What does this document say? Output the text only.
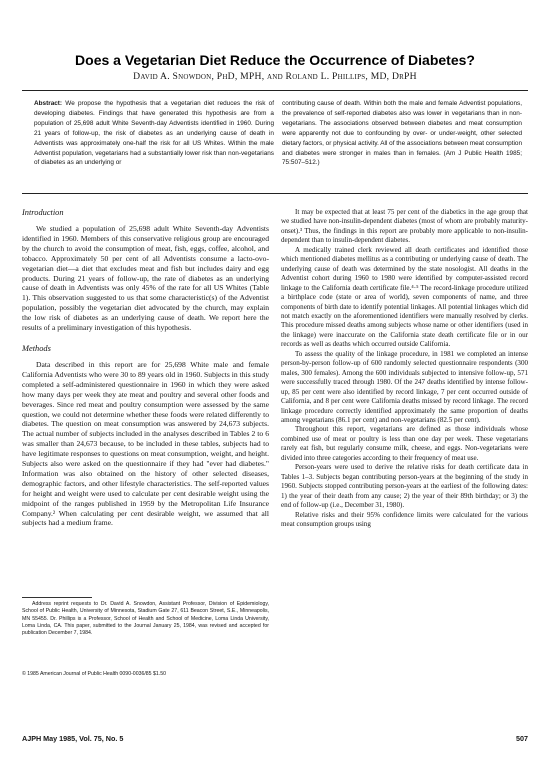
Does a Vegetarian Diet Reduce the Occurrence of Diabetes?
David A. Snowdon, PhD, MPH, and Roland L. Phillips, MD, DrPH
Abstract: We propose the hypothesis that a vegetarian diet reduces the risk of developing diabetes. Findings that have generated this hypothesis are from a population of 25,698 adult White Seventh-day Adventists identified in 1960. During 21 years of follow-up, the risk of diabetes as an underlying cause of death in Adventists was approximately one-half the risk for all US Whites. Within the male Adventist population, vegetarians had a substantially lower risk than non-vegetarians of diabetes as an underlying or
contributing cause of death. Within both the male and female Adventist populations, the prevalence of self-reported diabetes also was lower in vegetarians than in non-vegetarians. The associations observed between diabetes and meat consumption were apparently not due to confounding by over- or under-weight, other selected dietary factors, or physical activity. All of the associations between meat consumption and diabetes were stronger in males than in females. (Am J Public Health 1985; 75:507–512.)
Introduction

We studied a population of 25,698 adult White Seventh-day Adventists identified in 1960. Members of this conservative religious group are encouraged by the church to avoid the consumption of meat, fish, eggs, coffee, alcohol, and tobacco. Approximately 50 per cent of all Adventists consume a lacto-ovo-vegetarian diet—a diet that excludes meat and fish but includes dairy and egg products. During 21 years of follow-up, the rate of diabetes as an underlying cause of death in Adventists was only 45% of the rate for all US Whites (Table 1). This observation suggested to us that some characteristic(s) of the Adventist population, possibly the vegetarian diet advocated by the church, may explain the low risk of diabetes as an underlying cause of death. We report here the results of a preliminary investigation of this hypothesis.

Methods

Data described in this report are for 25,698 White male and female California Adventists who were 30 to 89 years old in 1960. Subjects in this study completed a self-administered questionnaire in 1960 in which they were asked how many days per week they ate meat and poultry and several other foods and beverages. Since red meat and poultry consumption were assessed by the same question, we could not determine whether these foods were related differently to diabetes. The question on meat consumption was answered by 24,673 subjects. The actual number of subjects included in the analyses described in Tables 2 to 6 was smaller than 24,673 because, to be included in these tables, subjects had to have legitimate responses to questions on meat consumption, weight, and height. Subjects also were asked on the questionnaire if they had "ever had diabetes." Information was also obtained on the history of other selected diseases, demographic factors, and other lifestyle characteristics. The self-reported values for height and weight were used to calculate per cent desirable weight using the midpoint of the ranges published in 1959 by the Metropolitan Life Insurance Company.² When calculating per cent desirable weight, we assumed that all subjects had a medium frame.

Address reprint requests to Dr. David A. Snowdon, Assistant Professor, Division of Epidemiology, School of Public Health, University of Minnesota, Stadium Gate 27, 611 Beacon Street, S.E., Minneapolis, MN 55455. Dr. Phillips is a Professor, School of Health and School of Medicine, Loma Linda University, Loma Linda, CA. This paper, submitted to the Journal January 25, 1984, was revised and accepted for publication December 7, 1984.
© 1985 American Journal of Public Health 0090-0036/85 $1.50

It may be expected that at least 75 per cent of the diabetics in the age group that we studied have non-insulin-dependent diabetes (most of whom are probably maturity-onset).³ Thus, the findings in this report are probably more applicable to non-insulin-dependent than to insulin-dependent diabetes.

A medically trained clerk reviewed all death certificates and identified those which mentioned diabetes mellitus as a contributing or underlying cause of death. The underlying cause of death was determined by the state nosologist. All deaths in the Adventist cohort during 1960 to 1980 were identified by computer-assisted record linkage to the California death certificate file.⁴·⁵ The record-linkage procedure utilized a birthplace code (state or area of world), seven components of name, and three components of birth date to identify potential linkages. All potential linkages which did not match exactly on the aforementioned identifiers were manually resolved by clerks. This procedure missed deaths among subjects whose name or other identifiers (used in the linkage) were inaccurate on the California state death certificate file or in our records as well as deaths which occurred outside California.

To assess the quality of the linkage procedure, in 1981 we completed an intense person-by-person follow-up of 600 randomly selected questionnaire respondents (300 males, 300 females). Among the 600 individuals subjected to intensive follow-up, 571 were successfully traced through 1980. Of the 247 deaths identified by intense follow-up, 85 per cent were also identified by record linkage, 7 per cent occurred outside of California, and 8 per cent were California deaths missed by record linkage. The record linkage procedure correctly identified approximately the same proportion of deaths among vegetarians (86.1 per cent) and non-vegetarians (82.5 per cent).

Throughout this report, vegetarians are defined as those individuals whose combined use of meat or poultry is less than one day per week. These vegetarians rarely eat fish, but regularly consume milk, cheese, and eggs. Non-vegetarians were divided into three categories according to their frequency of meat use.

Person-years were used to derive the relative risks for death certificate data in Tables 1–3. Subjects began contributing person-years at the beginning of the study in 1960. Subjects stopped contributing person-years at the earliest of the following dates: 1) the year of their death from any cause; 2) the year of their 89th birthday; or 3) the end of follow-up (i.e., December 31, 1980).

Relative risks and their 95% confidence limits were calculated for the various meat consumption groups using

AJPH May 1985, Vol. 75, No. 5	507
